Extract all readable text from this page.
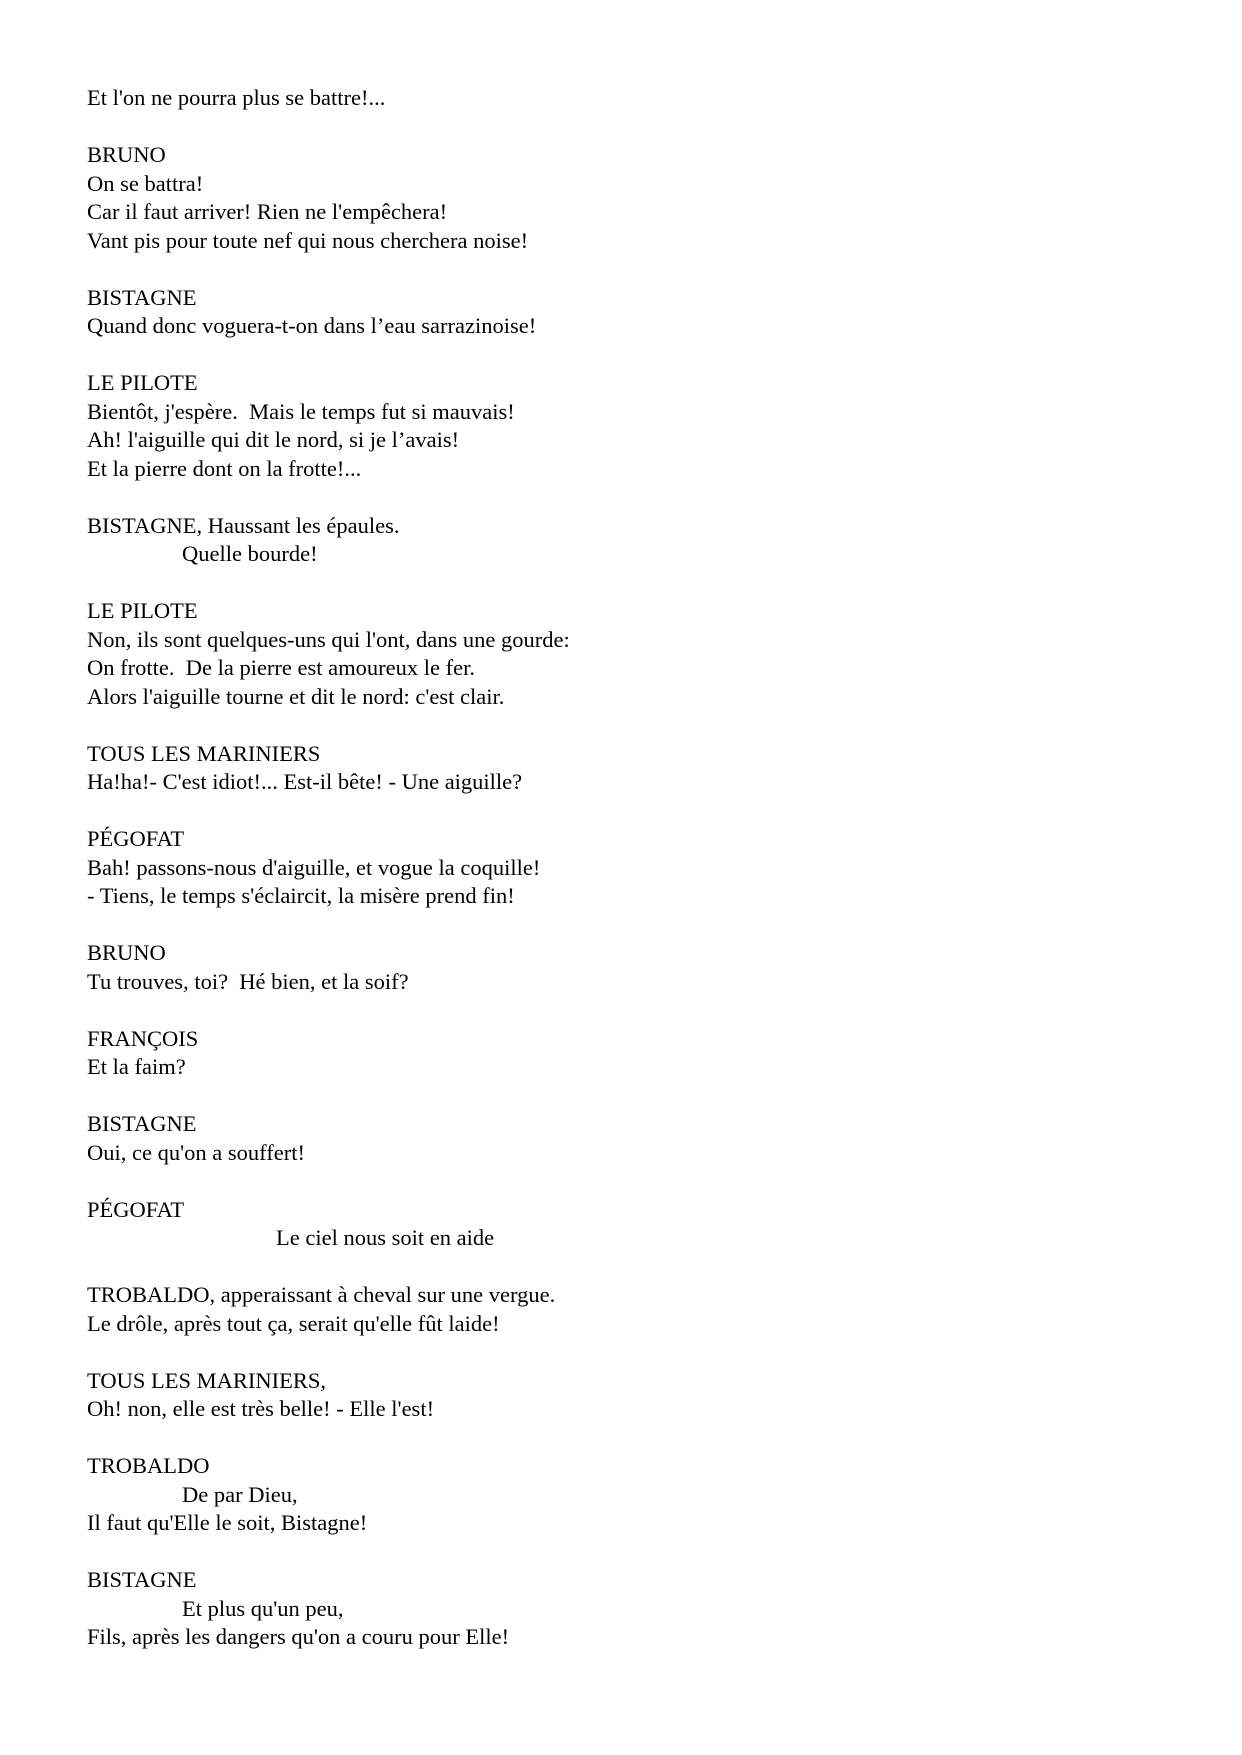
Et l'on ne pourra plus se battre!...
BRUNO
On se battra!
Car il faut arriver! Rien ne l'empêchera!
Vant pis pour toute nef qui nous cherchera noise!
BISTAGNE
Quand donc voguera-t-on dans l’eau sarrazinoise!
LE PILOTE
Bientôt, j'espère.  Mais le temps fut si mauvais!
Ah! l'aiguille qui dit le nord, si je l’avais!
Et la pierre dont on la frotte!...
BISTAGNE, Haussant les épaules.
Quelle bourde!
LE PILOTE
Non, ils sont quelques-uns qui l'ont, dans une gourde:
On frotte.  De la pierre est amoureux le fer.
Alors l'aiguille tourne et dit le nord: c'est clair.
TOUS LES MARINIERS
Ha!ha!- C'est idiot!... Est-il bête! - Une aiguille?
PÉGOFAT
Bah! passons-nous d'aiguille, et vogue la coquille!
- Tiens, le temps s'éclaircit, la misère prend fin!
BRUNO
Tu trouves, toi?  Hé bien, et la soif?
FRANÇOIS
Et la faim?
BISTAGNE
Oui, ce qu'on a souffert!
PÉGOFAT
Le ciel nous soit en aide
TROBALDO, apperaissant à cheval sur une vergue.
Le drôle, après tout ça, serait qu'elle fût laide!
TOUS LES MARINIERS,
Oh! non, elle est très belle! - Elle l'est!
TROBALDO
De par Dieu,
Il faut qu'Elle le soit, Bistagne!
BISTAGNE
Et plus qu'un peu,
Fils, après les dangers qu'on a couru pour Elle!
